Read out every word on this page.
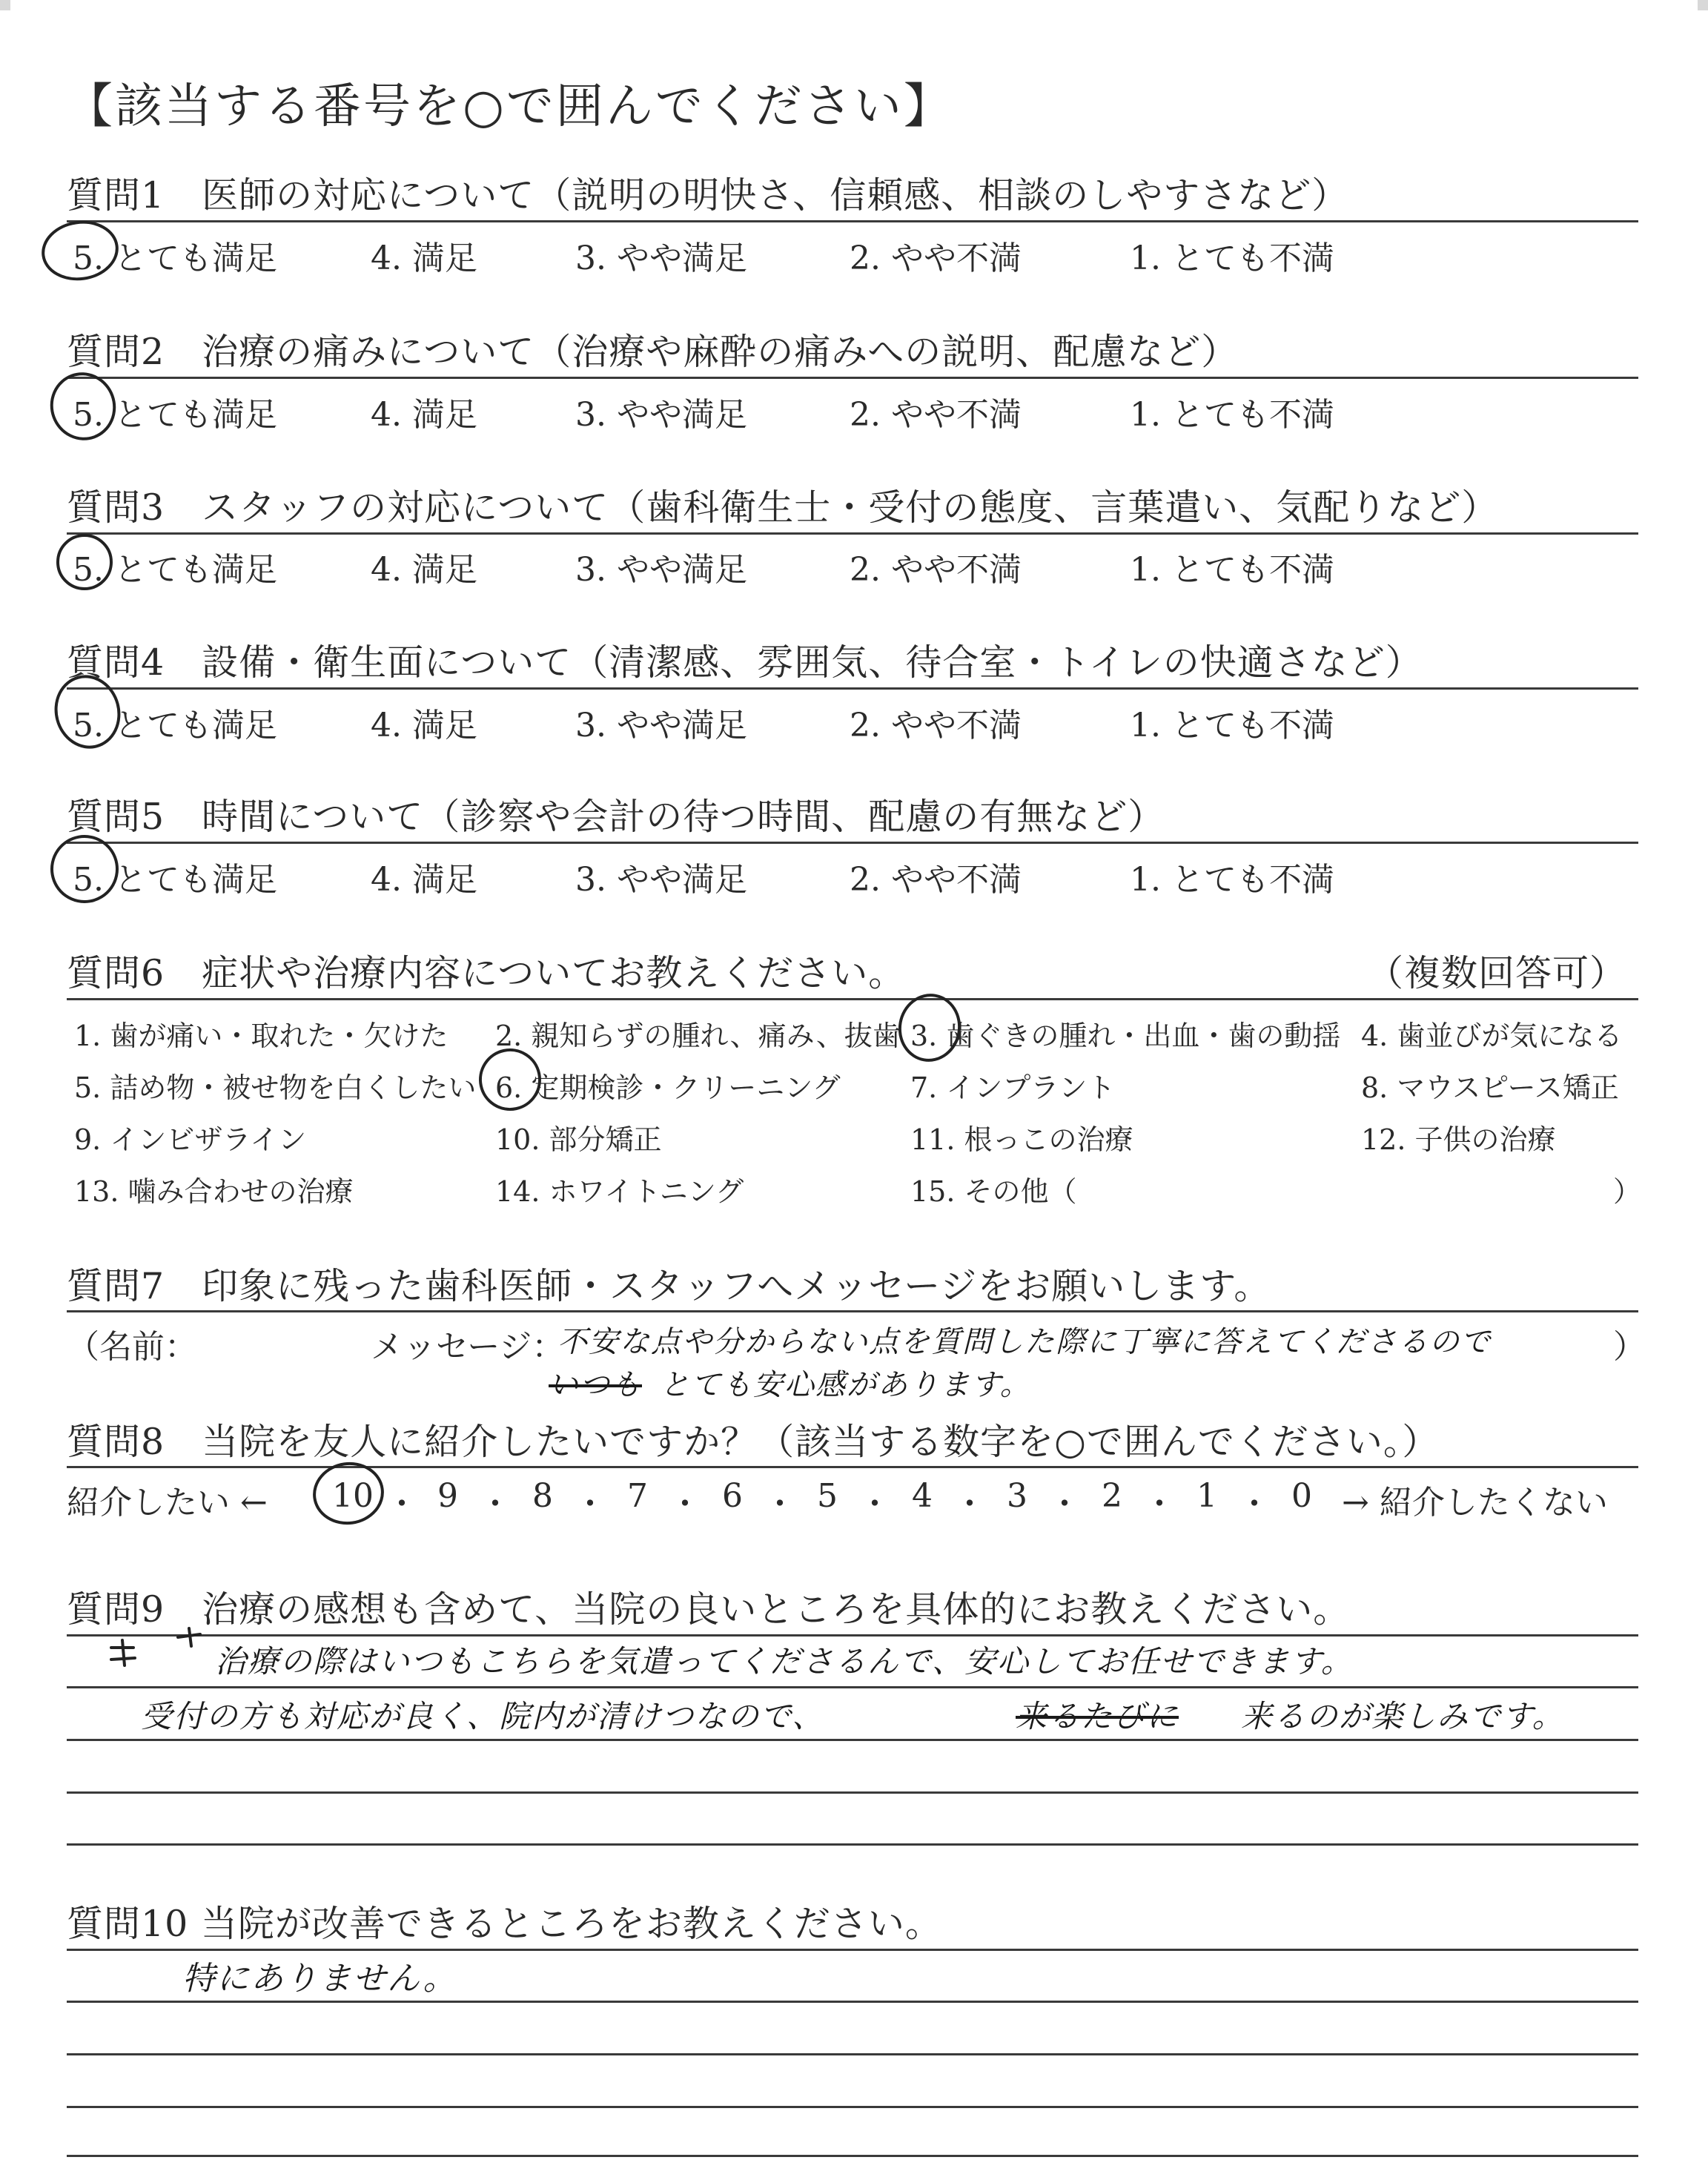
【該当する番号を○で囲んでください】
質問1　医師の対応について（説明の明快さ、信頼感、相談のしやすさなど）
5. とても満足	4. 満足	3. やや満足	2. やや不満	1. とても不満
質問2　治療の痛みについて（治療や麻酔の痛みへの説明、配慮など）
5. とても満足	4. 満足	3. やや満足	2. やや不満	1. とても不満
質問3　スタッフの対応について（歯科衛生士・受付の態度、言葉遣い、気配りなど）
5. とても満足	4. 満足	3. やや満足	2. やや不満	1. とても不満
質問4　設備・衛生面について（清潔感、雰囲気、待合室・トイレの快適さなど）
5. とても満足	4. 満足	3. やや満足	2. やや不満	1. とても不満
質問5　時間について（診察や会計の待つ時間、配慮の有無など）
5. とても満足	4. 満足	3. やや満足	2. やや不満	1. とても不満
質問6　症状や治療内容についてお教えください。	（複数回答可）
1. 歯が痛い・取れた・欠けた 2. 親知らずの腫れ、痛み、抜歯 3. 歯ぐきの腫れ・出血・歯の動揺 4. 歯並びが気になる
5. 詰め物・被せ物を白くしたい 6. 定期検診・クリーニング 7. インプラント	8. マウスピース矯正
9. インビザライン	10. 部分矯正	11. 根っこの治療	12. 子供の治療
13. 噛み合わせの治療	14. ホワイトニング	15. その他（	）
質問7　印象に残った歯科医師・スタッフへメッセージをお願いします。
（名前：	メッセージ：	）
不安な点や分からない点を質問した際に丁寧に答えてくださるので
いつも とても安心感があります。
質問8　当院を友人に紹介したいですか？（該当する数字を○で囲んでください。）
紹介したい ←	→ 紹介したくない
10 ・ 9 ・ 8 ・ 7 ・ 6 ・ 5 ・ 4 ・ 3 ・ 2 ・ 1 ・ 0
質問9　治療の感想も含めて、当院の良いところを具体的にお教えください。
治療の際はいつもこちらを気遣ってくださるんで、安心してお任せできます。
受付の方も対応が良く、院内が清けつなので、	来るたびに 来るのが楽しみです。
質問10 当院が改善できるところをお教えください。
特にありません。
